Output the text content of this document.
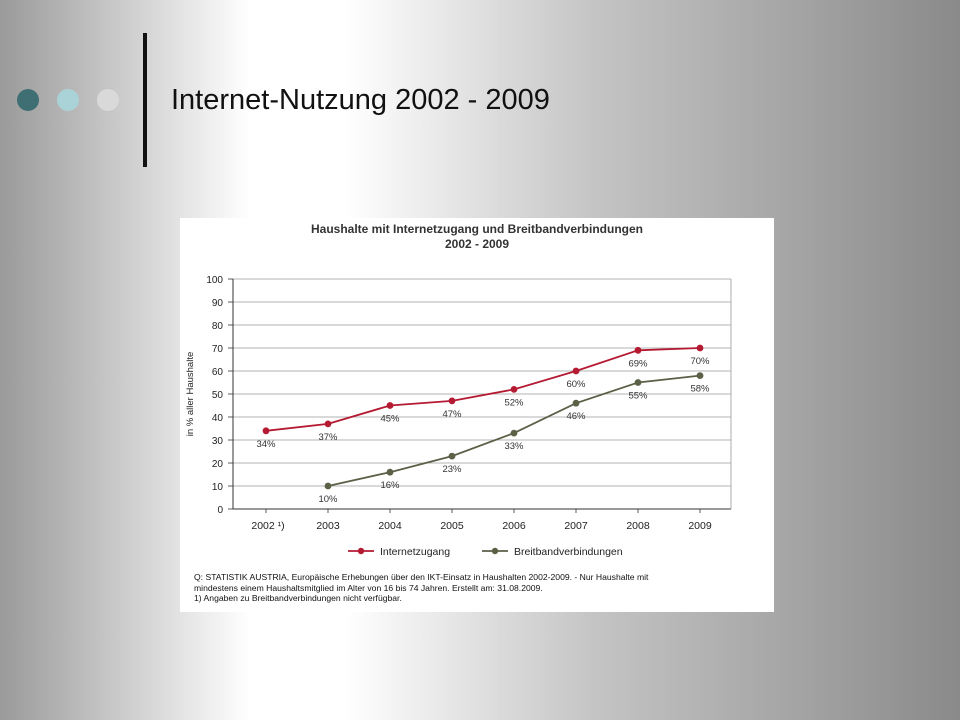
Internet-Nutzung 2002 - 2009
Haushalte mit Internetzugang und Breitbandverbindungen
2002 - 2009
0
10
20
30
40
50
60
70
80
90
100
in % aller Haushalte
2002 ¹)	2003	2004	2005	2006	2007	2008	2009
34%
37%
45%	47%
52%
60%
69%	70%
10%
16%
23%
33%
46%
55%
58%
Internetzugang	Breitbandverbindungen
Q: STATISTIK AUSTRIA, Europäische Erhebungen über den IKT-Einsatz in Haushalten 2002-2009. - Nur Haushalte mit
mindestens einem Haushaltsmitglied im Alter von 16 bis 74 Jahren. Erstellt am: 31.08.2009.
1) Angaben zu Breitbandverbindungen nicht verfügbar.
